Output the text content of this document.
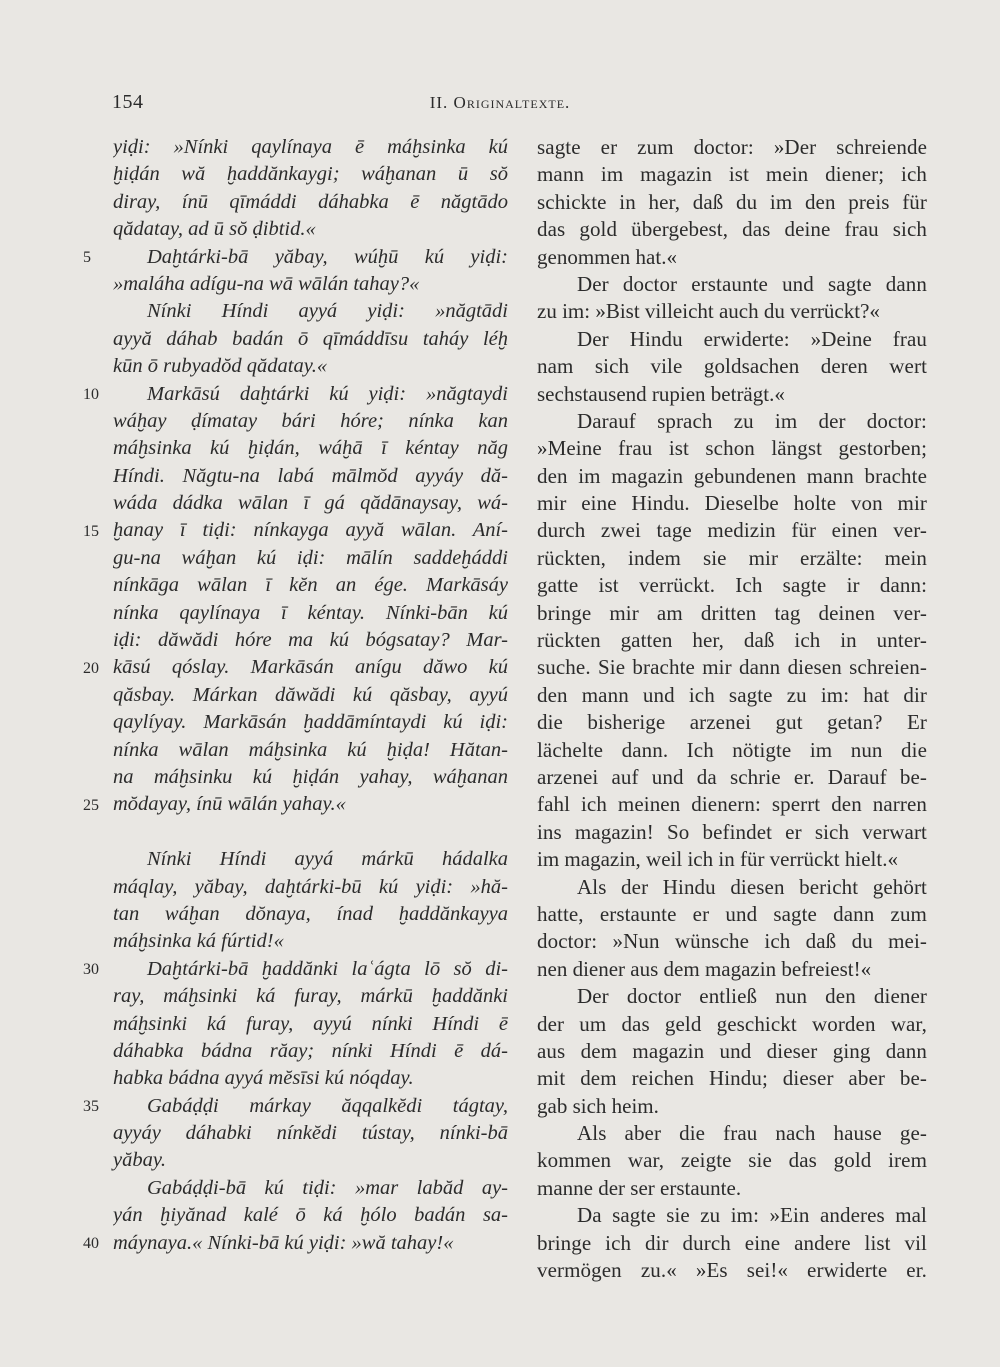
154	II. Originaltexte.
yiḍi: »Nínki qaylínaya ē máḫsinka kú
ḫiḍán wă ḫaddănkaygi; wáḫanan ū sŏ
diray, ínū qīmáddi dáhabka ē năgtādo
qădatay, ad ū sŏ ḍibtid.«
Daḫtárki-bā yăbay, wúḫū kú yiḍi:
5
»maláha adígu-na wā wālán tahay?«
Nínki Híndi ayyá yiḍi: »năgtādi
ayyă dáhab badán ō qīmáddīsu taháy léḫ
kūn ō rubyadŏd qădatay.«
Markāsú daḫtárki kú yiḍi: »năgtaydi
10
wáḫay ḍímatay bári hóre; nínka kan
máḫsinka kú ḫiḍán, wáḫā ī kéntay năg
Híndi. Năgtu-na labá mālmŏd ayyáy dă-
wáda dádka wālan ī gá qădānaysay, wá-
ḫanay ī tiḍi: nínkayga ayyă wālan. Aní-
15
gu-na wáḫan kú iḍi: mālín saddeḫáddi
nínkāga wālan ī kĕn an ége. Markāsáy
nínka qaylínaya ī kéntay. Nínki-bān kú
iḍi: dăwădi hóre ma kú bógsatay? Mar-
kāsú qóslay. Markāsán anígu dăwo kú
20
qăsbay. Márkan dăwădi kú qăsbay, ayyú
qaylíyay. Markāsán ḫaddāmíntaydi kú iḍi:
nínka wālan máḫsinka kú ḫiḍa! Hătan-
na máḫsinku kú ḫiḍán yahay, wáḫanan
mŏdayay, ínū wālán yahay.«
25
Nínki Híndi ayyá márkū hádalka
máqlay, yăbay, daḫtárki-bū kú yiḍi: »hă-
tan wáḫan dŏnaya, ínad ḫaddănkayya
máḫsinka ká fúrtid!«
Daḫtárki-bā ḫaddănki laʿágta lō sŏ di-
30
ray, máḫsinki ká furay, márkū ḫaddănki
máḫsinki ká furay, ayyú nínki Híndi ē
dáhabka bádna răay; nínki Híndi ē dá-
habka bádna ayyá mĕsīsi kú nóqday.
Gabáḍḍi márkay ăqqalkĕdi tágtay,
35
ayyáy dáhabki nínkĕdi tústay, nínki-bā
yăbay.
Gabáḍḍi-bā kú tiḍi: »mar labăd ay-
yán ḫiyănad kalé ō ká ḫólo badán sa-
máynaya.« Nínki-bā kú yiḍi: »wă tahay!«
40
sagte er zum doctor: »Der schreiende
mann im magazin ist mein diener; ich
schickte in her, daß du im den preis für
das gold übergebest, das deine frau sich
genommen hat.«
Der doctor erstaunte und sagte dann
zu im: »Bist villeicht auch du verrückt?«
Der Hindu erwiderte: »Deine frau
nam sich vile goldsachen deren wert
sechstausend rupien beträgt.«
Darauf sprach zu im der doctor:
»Meine frau ist schon längst gestorben;
den im magazin gebundenen mann brachte
mir eine Hindu. Dieselbe holte von mir
durch zwei tage medizin für einen ver-
rückten, indem sie mir erzälte: mein
gatte ist verrückt. Ich sagte ir dann:
bringe mir am dritten tag deinen ver-
rückten gatten her, daß ich in unter-
suche. Sie brachte mir dann diesen schreien-
den mann und ich sagte zu im: hat dir
die bisherige arzenei gut getan? Er
lächelte dann. Ich nötigte im nun die
arzenei auf und da schrie er. Darauf be-
fahl ich meinen dienern: sperrt den narren
ins magazin! So befindet er sich verwart
im magazin, weil ich in für verrückt hielt.«
Als der Hindu diesen bericht gehört
hatte, erstaunte er und sagte dann zum
doctor: »Nun wünsche ich daß du mei-
nen diener aus dem magazin befreiest!«
Der doctor entließ nun den diener
der um das geld geschickt worden war,
aus dem magazin und dieser ging dann
mit dem reichen Hindu; dieser aber be-
gab sich heim.
Als aber die frau nach hause ge-
kommen war, zeigte sie das gold irem
manne der ser erstaunte.
Da sagte sie zu im: »Ein anderes mal
bringe ich dir durch eine andere list vil
vermögen zu.« »Es sei!« erwiderte er.
